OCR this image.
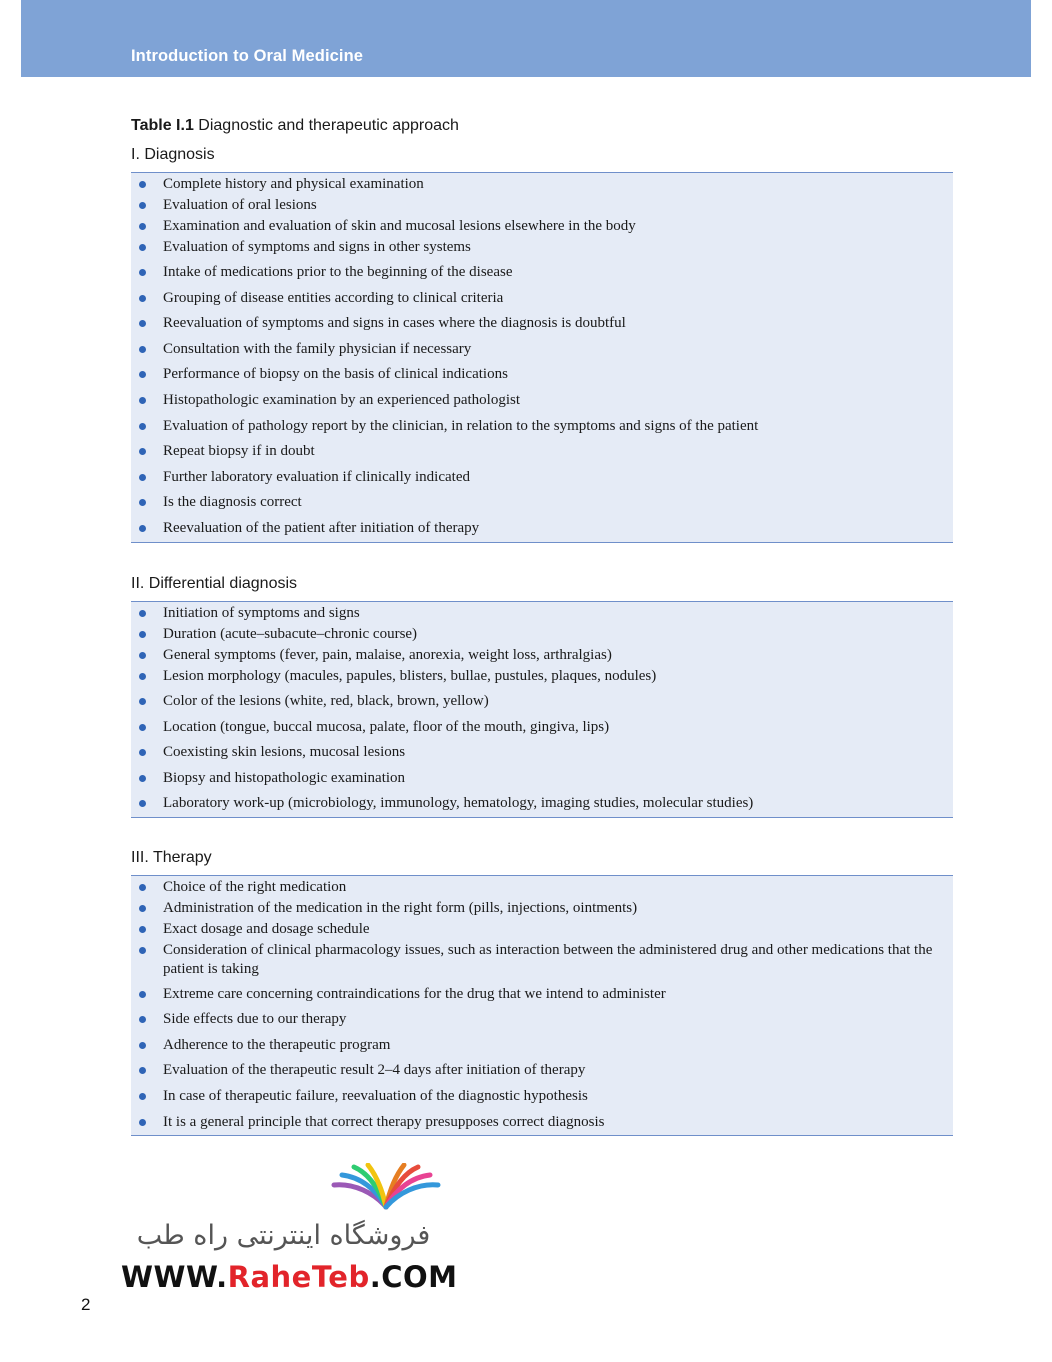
Introduction to Oral Medicine
Table I.1 Diagnostic and therapeutic approach
I. Diagnosis
Complete history and physical examination
Evaluation of oral lesions
Examination and evaluation of skin and mucosal lesions elsewhere in the body
Evaluation of symptoms and signs in other systems
Intake of medications prior to the beginning of the disease
Grouping of disease entities according to clinical criteria
Reevaluation of symptoms and signs in cases where the diagnosis is doubtful
Consultation with the family physician if necessary
Performance of biopsy on the basis of clinical indications
Histopathologic examination by an experienced pathologist
Evaluation of pathology report by the clinician, in relation to the symptoms and signs of the patient
Repeat biopsy if in doubt
Further laboratory evaluation if clinically indicated
Is the diagnosis correct
Reevaluation of the patient after initiation of therapy
II. Differential diagnosis
Initiation of symptoms and signs
Duration (acute–subacute–chronic course)
General symptoms (fever, pain, malaise, anorexia, weight loss, arthralgias)
Lesion morphology (macules, papules, blisters, bullae, pustules, plaques, nodules)
Color of the lesions (white, red, black, brown, yellow)
Location (tongue, buccal mucosa, palate, floor of the mouth, gingiva, lips)
Coexisting skin lesions, mucosal lesions
Biopsy and histopathologic examination
Laboratory work-up (microbiology, immunology, hematology, imaging studies, molecular studies)
III. Therapy
Choice of the right medication
Administration of the medication in the right form (pills, injections, ointments)
Exact dosage and dosage schedule
Consideration of clinical pharmacology issues, such as interaction between the administered drug and other medications that the patient is taking
Extreme care concerning contraindications for the drug that we intend to administer
Side effects due to our therapy
Adherence to the therapeutic program
Evaluation of the therapeutic result 2–4 days after initiation of therapy
In case of therapeutic failure, reevaluation of the diagnostic hypothesis
It is a general principle that correct therapy presupposes correct diagnosis
فروشگاه اینترنتی راه طب
WWW.RaheTeb.COM
2
